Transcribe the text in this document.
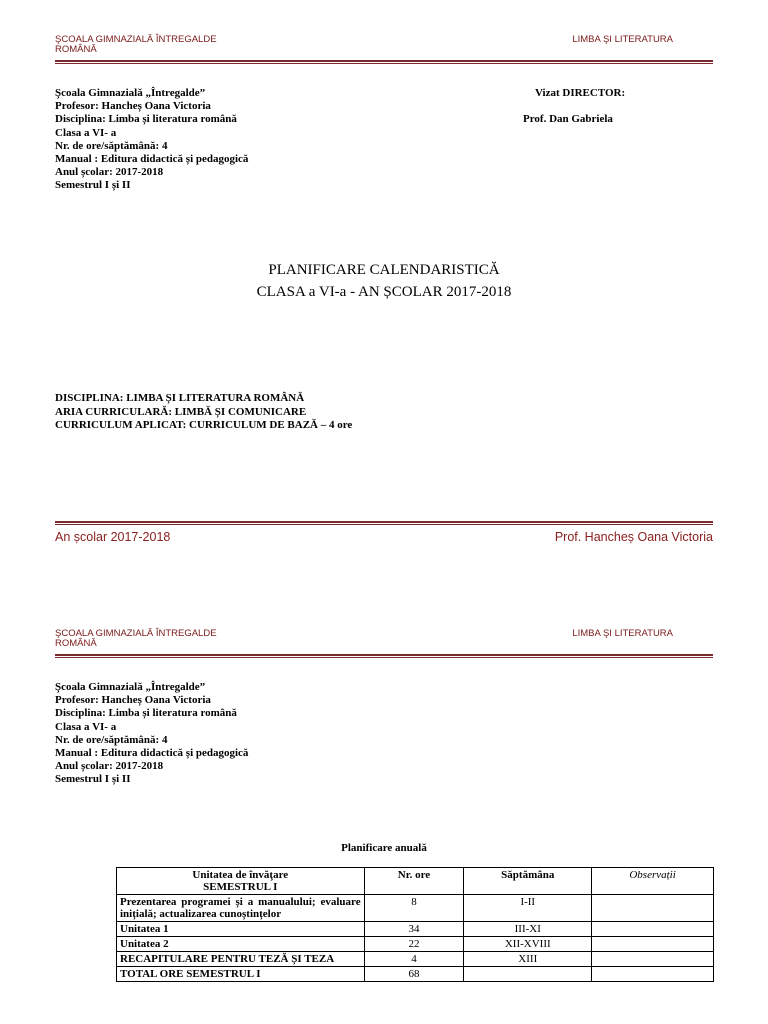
ŞCOALA GIMNAZIALĂ ÎNTREGALDE
ROMÂNĂ
LIMBA ŞI LITERATURA
Şcoala Gimnazială „Întregalde”
Profesor: Hancheș Oana Victoria
Disciplina: Limba și literatura română
Clasa a VI- a
Nr. de ore/săptămână: 4
Manual : Editura didactică și pedagogică
Anul școlar: 2017-2018
Semestrul I și II
Vizat DIRECTOR:
Prof. Dan Gabriela
PLANIFICARE CALENDARISTICĂ
CLASA a VI-a - AN ȘCOLAR 2017-2018
DISCIPLINA: LIMBA ȘI LITERATURA ROMÂNĂ
ARIA CURRICULARĂ: LIMBĂ ȘI COMUNICARE
CURRICULUM APLICAT: CURRICULUM DE BAZĂ – 4 ore
An școlar 2017-2018	Prof. Hancheș Oana Victoria
ŞCOALA GIMNAZIALĂ ÎNTREGALDE
ROMÂNĂ
LIMBA ŞI LITERATURA
Şcoala Gimnazială „Întregalde”
Profesor: Hancheș Oana Victoria
Disciplina: Limba și literatura română
Clasa a VI- a
Nr. de ore/săptămână: 4
Manual : Editura didactică și pedagogică
Anul școlar: 2017-2018
Semestrul I și II
Planificare anuală
Unitatea de învăţare
SEMESTRUL I	Nr. ore	Săptămâna	Observații
Prezentarea programei și a manualului; evaluare inițială; actualizarea cunoștințelor	8	I-II	
Unitatea 1	34	III-XI	
Unitatea 2	22	XII-XVIII	
RECAPITULARE PENTRU TEZĂ ȘI TEZA	4	XIII	
TOTAL ORE SEMESTRUL I	68		
